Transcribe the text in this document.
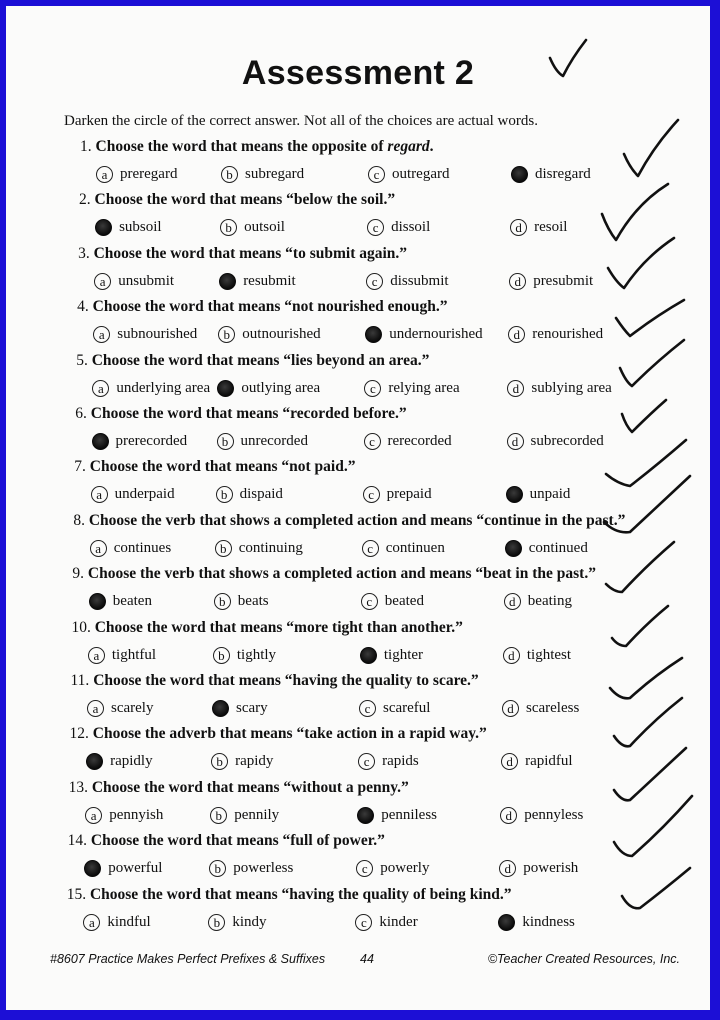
Assessment 2
Darken the circle of the correct answer. Not all of the choices are actual words.
1. Choose the word that means the opposite of regard.
a preregard	b subregard	c outregard	disregard
2. Choose the word that means “below the soil.”
subsoil	b outsoil	c dissoil	d resoil
3. Choose the word that means “to submit again.”
a unsubmit	resubmit	c dissubmit	d presubmit
4. Choose the word that means “not nourished enough.”
a subnourished	b outnourished	undernourished	d renourished
5. Choose the word that means “lies beyond an area.”
a underlying area	outlying area	c relying area	d sublying area
6. Choose the word that means “recorded before.”
prerecorded	b unrecorded	c rerecorded	d subrecorded
7. Choose the word that means “not paid.”
a underpaid	b dispaid	c prepaid	unpaid
8. Choose the verb that shows a completed action and means “continue in the past.”
a continues	b continuing	c continuen	continued
9. Choose the verb that shows a completed action and means “beat in the past.”
beaten	b beats	c beated	d beating
10. Choose the word that means “more tight than another.”
a tightful	b tightly	tighter	d tightest
11. Choose the word that means “having the quality to scare.”
a scarely	scary	c scareful	d scareless
12. Choose the adverb that means “take action in a rapid way.”
rapidly	b rapidy	c rapids	d rapidful
13. Choose the word that means “without a penny.”
a pennyish	b pennily	penniless	d pennyless
14. Choose the word that means “full of power.”
powerful	b powerless	c powerly	d powerish
15. Choose the word that means “having the quality of being kind.”
a kindful	b kindy	c kinder	kindness
#8607 Practice Makes Perfect Prefixes & Suffixes	44	©Teacher Created Resources, Inc.
